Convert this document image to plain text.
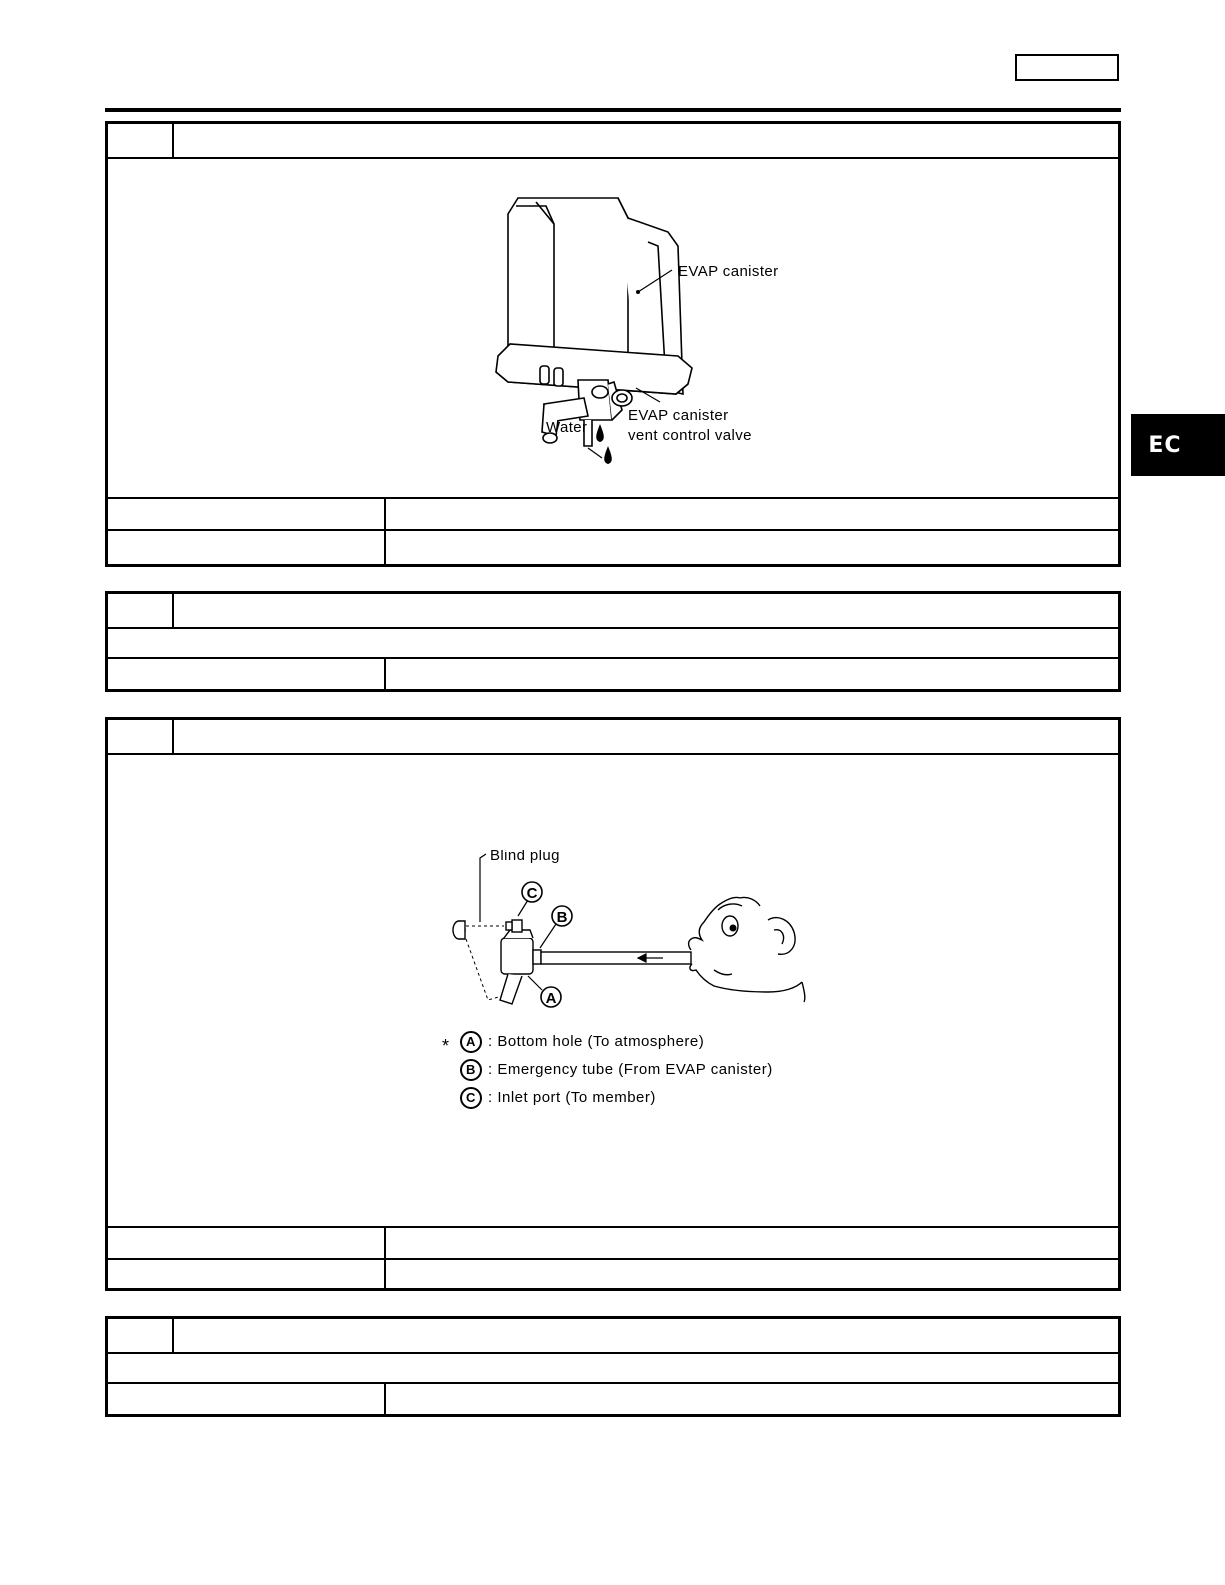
EC
EVAP canister
EVAP canister
vent control valve
Water
C
B
A
Blind plug
*	A : Bottom hole (To atmosphere)
B : Emergency tube (From EVAP canister)
C : Inlet port (To member)
